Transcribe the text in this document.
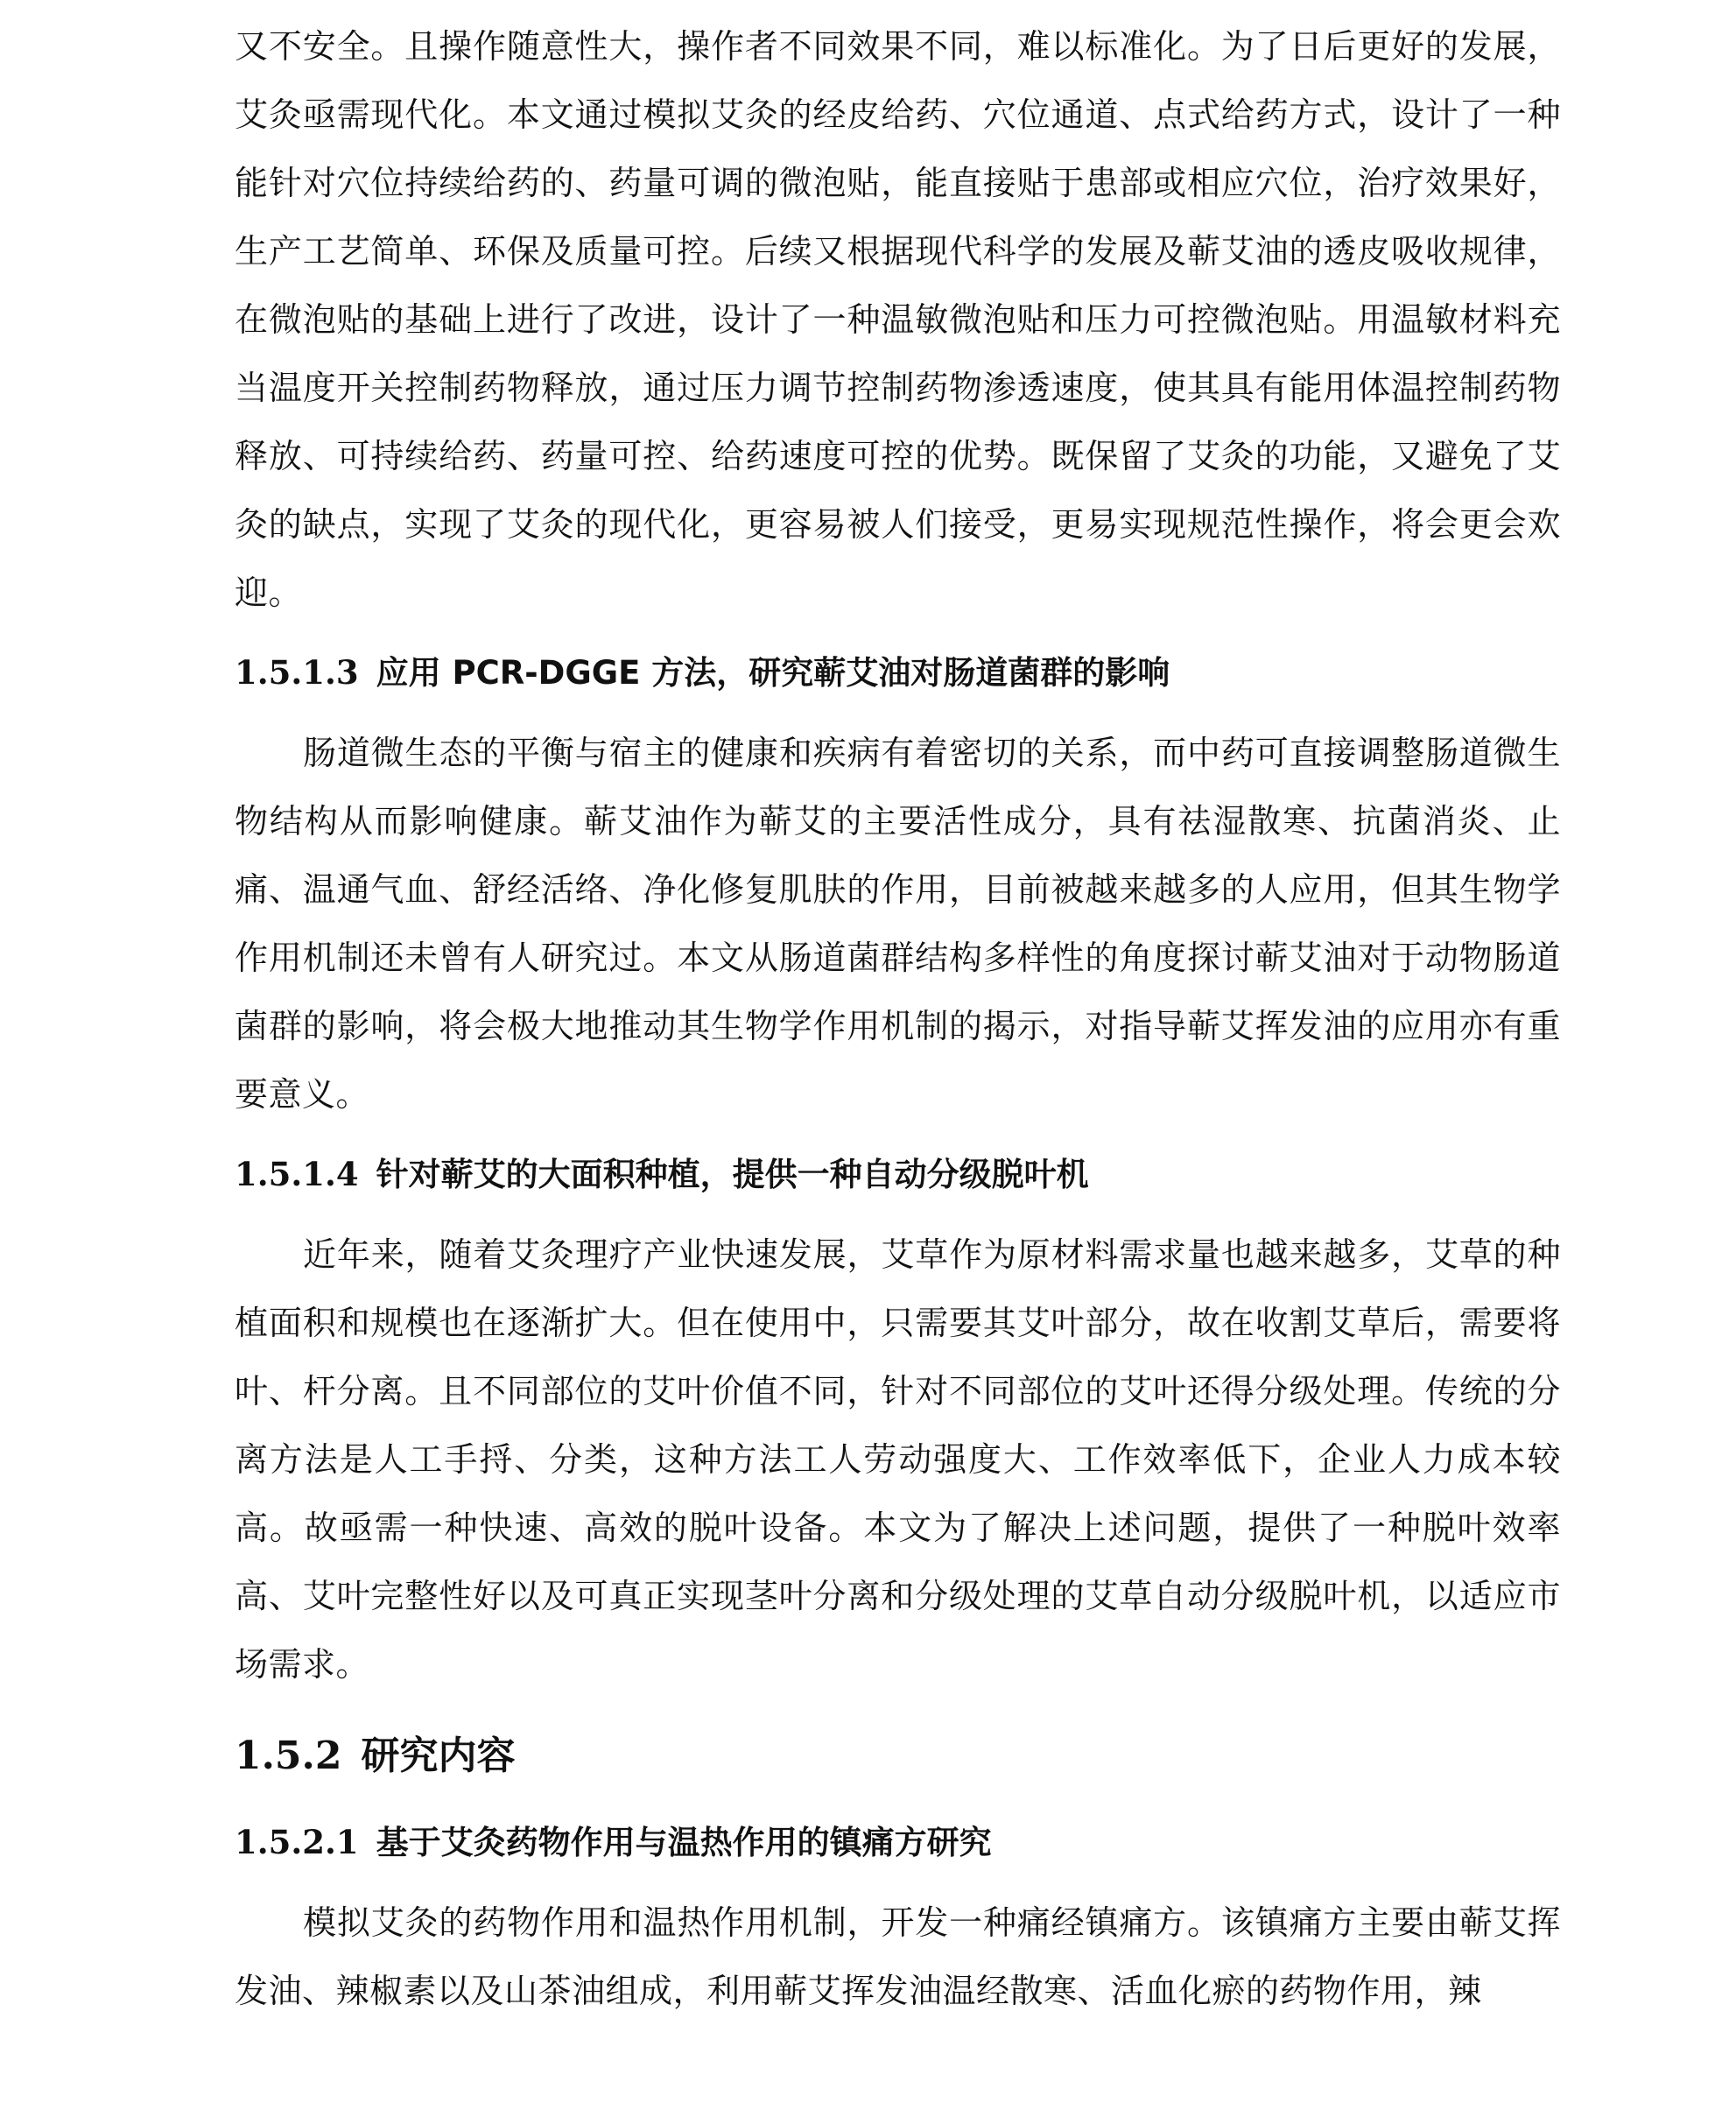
又不安全。且操作随意性大，操作者不同效果不同，难以标准化。为了日后更好的发展，艾灸亟需现代化。本文通过模拟艾灸的经皮给药、穴位通道、点式给药方式，设计了一种能针对穴位持续给药的、药量可调的微泡贴，能直接贴于患部或相应穴位，治疗效果好，生产工艺简单、环保及质量可控。后续又根据现代科学的发展及蕲艾油的透皮吸收规律，在微泡贴的基础上进行了改进，设计了一种温敏微泡贴和压力可控微泡贴。用温敏材料充当温度开关控制药物释放，通过压力调节控制药物渗透速度，使其具有能用体温控制药物释放、可持续给药、药量可控、给药速度可控的优势。既保留了艾灸的功能，又避免了艾灸的缺点，实现了艾灸的现代化，更容易被人们接受，更易实现规范性操作，将会更会欢迎。

1.5.1.3 应用 PCR-DGGE 方法，研究蕲艾油对肠道菌群的影响

肠道微生态的平衡与宿主的健康和疾病有着密切的关系，而中药可直接调整肠道微生物结构从而影响健康。蕲艾油作为蕲艾的主要活性成分，具有祛湿散寒、抗菌消炎、止痛、温通气血、舒经活络、净化修复肌肤的作用，目前被越来越多的人应用，但其生物学作用机制还未曾有人研究过。本文从肠道菌群结构多样性的角度探讨蕲艾油对于动物肠道菌群的影响，将会极大地推动其生物学作用机制的揭示，对指导蕲艾挥发油的应用亦有重要意义。

1.5.1.4 针对蕲艾的大面积种植，提供一种自动分级脱叶机

近年来，随着艾灸理疗产业快速发展，艾草作为原材料需求量也越来越多，艾草的种植面积和规模也在逐渐扩大。但在使用中，只需要其艾叶部分，故在收割艾草后，需要将叶、杆分离。且不同部位的艾叶价值不同，针对不同部位的艾叶还得分级处理。传统的分离方法是人工手捋、分类，这种方法工人劳动强度大、工作效率低下，企业人力成本较高。故亟需一种快速、高效的脱叶设备。本文为了解决上述问题，提供了一种脱叶效率高、艾叶完整性好以及可真正实现茎叶分离和分级处理的艾草自动分级脱叶机，以适应市场需求。

1.5.2 研究内容
1.5.2.1 基于艾灸药物作用与温热作用的镇痛方研究

模拟艾灸的药物作用和温热作用机制，开发一种痛经镇痛方。该镇痛方主要由蕲艾挥发油、辣椒素以及山茶油组成，利用蕲艾挥发油温经散寒、活血化瘀的药物作用，辣
